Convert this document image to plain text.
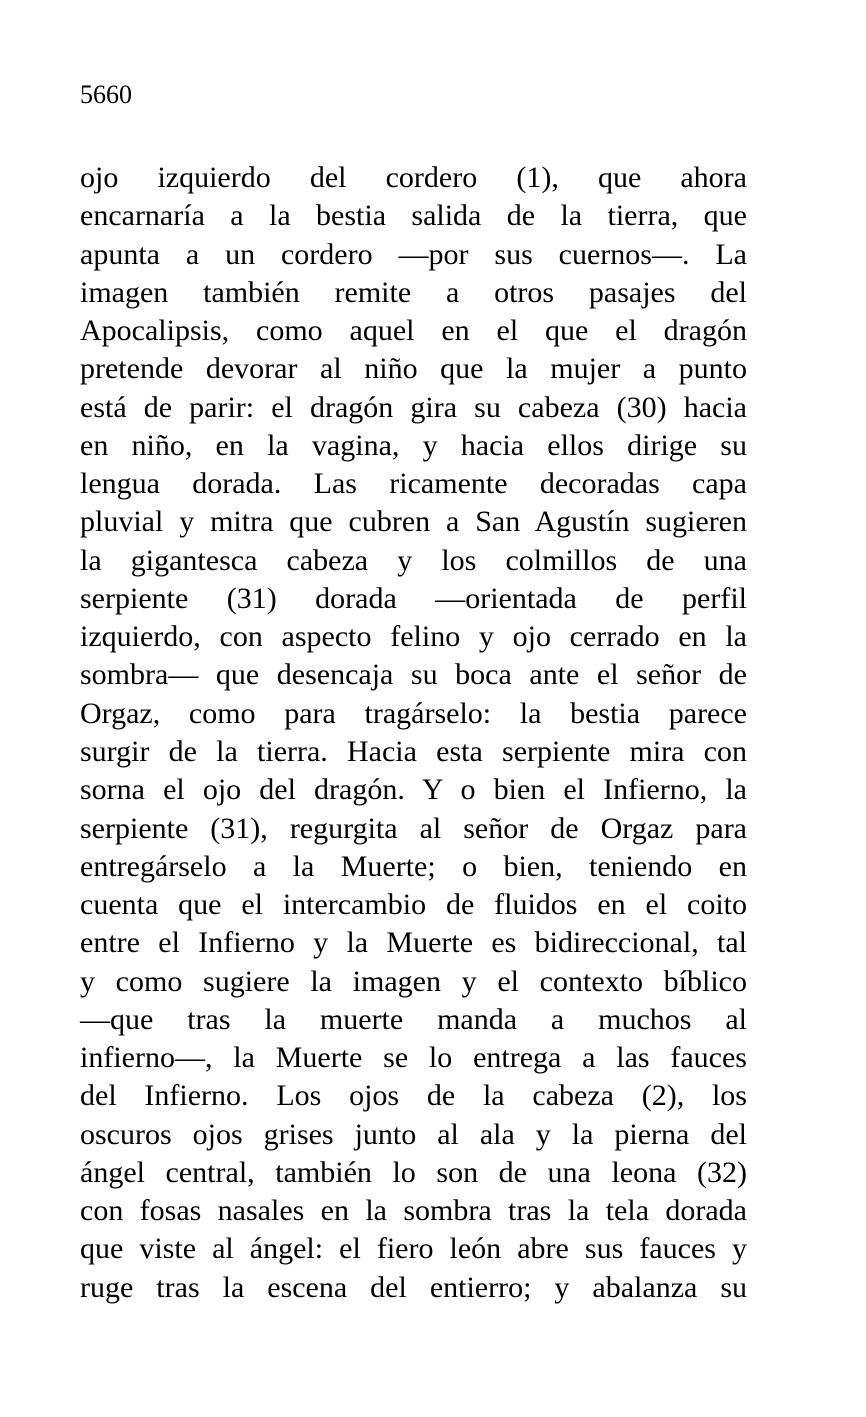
5660
ojo izquierdo del cordero (1), que ahora
encarnaría a la bestia salida de la tierra, que
apunta a un cordero —por sus cuernos—. La
imagen también remite a otros pasajes del
Apocalipsis, como aquel en el que el dragón
pretende devorar al niño que la mujer a punto
está de parir: el dragón gira su cabeza (30) hacia
en niño, en la vagina, y hacia ellos dirige su
lengua dorada. Las ricamente decoradas capa
pluvial y mitra que cubren a San Agustín sugieren
la gigantesca cabeza y los colmillos de una
serpiente (31) dorada —orientada de perfil
izquierdo, con aspecto felino y ojo cerrado en la
sombra— que desencaja su boca ante el señor de
Orgaz, como para tragárselo: la bestia parece
surgir de la tierra. Hacia esta serpiente mira con
sorna el ojo del dragón. Y o bien el Infierno, la
serpiente (31), regurgita al señor de Orgaz para
entregárselo a la Muerte; o bien, teniendo en
cuenta que el intercambio de fluidos en el coito
entre el Infierno y la Muerte es bidireccional, tal
y como sugiere la imagen y el contexto bíblico
—que tras la muerte manda a muchos al
infierno—, la Muerte se lo entrega a las fauces
del Infierno. Los ojos de la cabeza (2), los
oscuros ojos grises junto al ala y la pierna del
ángel central, también lo son de una leona (32)
con fosas nasales en la sombra tras la tela dorada
que viste al ángel: el fiero león abre sus fauces y
ruge tras la escena del entierro; y abalanza su
